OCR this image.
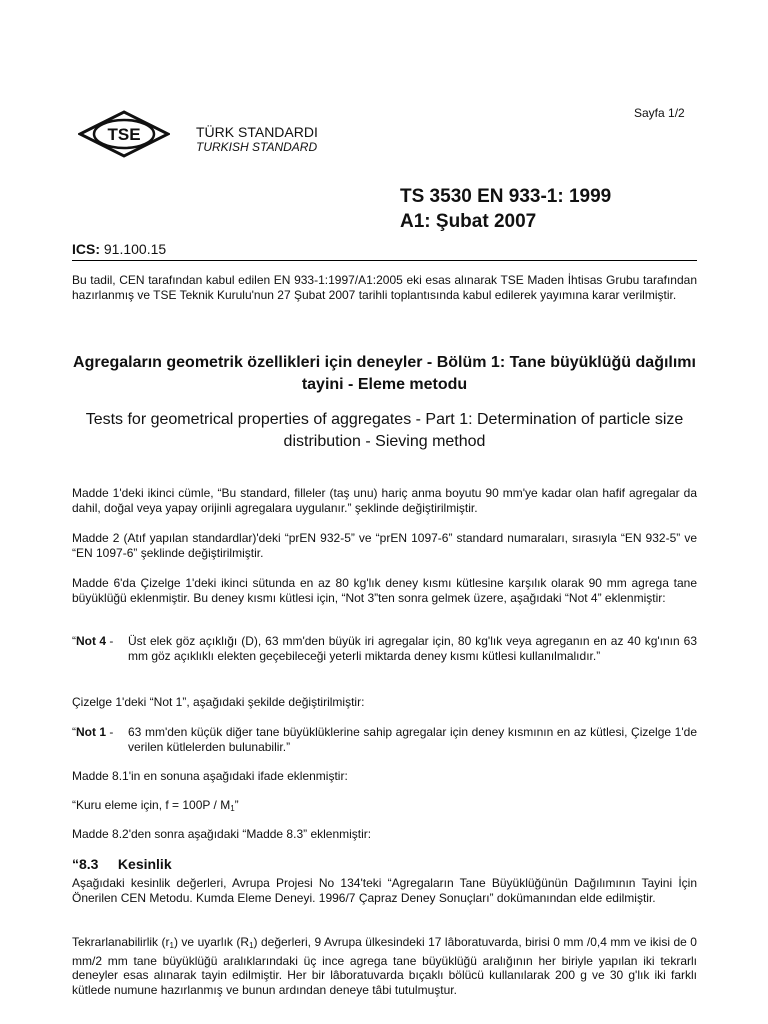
Sayfa 1/2
TSE	TÜRK STANDARDI
TURKISH STANDARD
TS 3530 EN 933-1: 1999
A1: Şubat 2007
ICS: 91.100.15
Bu tadil, CEN tarafından kabul edilen EN 933-1:1997/A1:2005 eki esas alınarak TSE Maden İhtisas Grubu tarafından hazırlanmış ve TSE Teknik Kurulu'nun 27 Şubat 2007 tarihli toplantısında kabul edilerek yayımına karar verilmiştir.
Agregaların geometrik özellikleri için deneyler - Bölüm 1: Tane büyüklüğü dağılımı tayini - Eleme metodu
Tests for geometrical properties of aggregates - Part 1: Determination of particle size distribution - Sieving method
Madde 1'deki ikinci cümle, “Bu standard, filleler (taş unu) hariç anma boyutu 90 mm'ye kadar olan hafif agregalar da dahil, doğal veya yapay orijinli agregalara uygulanır.” şeklinde değiştirilmiştir.
Madde 2 (Atıf yapılan standardlar)'deki “prEN 932-5” ve “prEN 1097-6” standard numaraları, sırasıyla “EN 932-5” ve “EN 1097-6” şeklinde değiştirilmiştir.
Madde 6'da Çizelge 1'deki ikinci sütunda en az 80 kg'lık deney kısmı kütlesine karşılık olarak 90 mm agrega tane büyüklüğü eklenmiştir. Bu deney kısmı kütlesi için, “Not 3”ten sonra gelmek üzere, aşağıdaki “Not 4” eklenmiştir:
“Not 4 -	Üst elek göz açıklığı (D), 63 mm'den büyük iri agregalar için, 80 kg'lık veya agreganın en az 40 kg'ının 63 mm göz açıklıklı elekten geçebileceği yeterli miktarda deney kısmı kütlesi kullanılmalıdır.”
Çizelge 1'deki “Not 1”, aşağıdaki şekilde değiştirilmiştir:
“Not 1 -	63 mm'den küçük diğer tane büyüklüklerine sahip agregalar için deney kısmının en az kütlesi, Çizelge 1'de verilen kütlelerden bulunabilir.”
Madde 8.1'in en sonuna aşağıdaki ifade eklenmiştir:
“Kuru eleme için, $f = 100P / M_1$”
Madde 8.2'den sonra aşağıdaki “Madde 8.3” eklenmiştir:
“8.3 Kesinlik
Aşağıdaki kesinlik değerleri, Avrupa Projesi No 134'teki “Agregaların Tane Büyüklüğünün Dağılımının Tayini İçin Önerilen CEN Metodu. Kumda Eleme Deneyi. 1996/7 Çapraz Deney Sonuçları” dokümanından elde edilmiştir.
Tekrarlanabilirlik $(r_1)$ ve uyarlık $(R_1)$ değerleri, 9 Avrupa ülkesindeki 17 lâboratuvarda, birisi 0 mm /0,4 mm ve ikisi de 0 mm/2 mm tane büyüklüğü aralıklarındaki üç ince agrega tane büyüklüğü aralığının her biriyle yapılan iki tekrarlı deneyler esas alınarak tayin edilmiştir. Her bir lâboratuvarda bıçaklı bölücü kullanılarak 200 g ve 30 g'lık iki farklı kütlede numune hazırlanmış ve bunun ardından deneye tâbi tutulmuştur.
